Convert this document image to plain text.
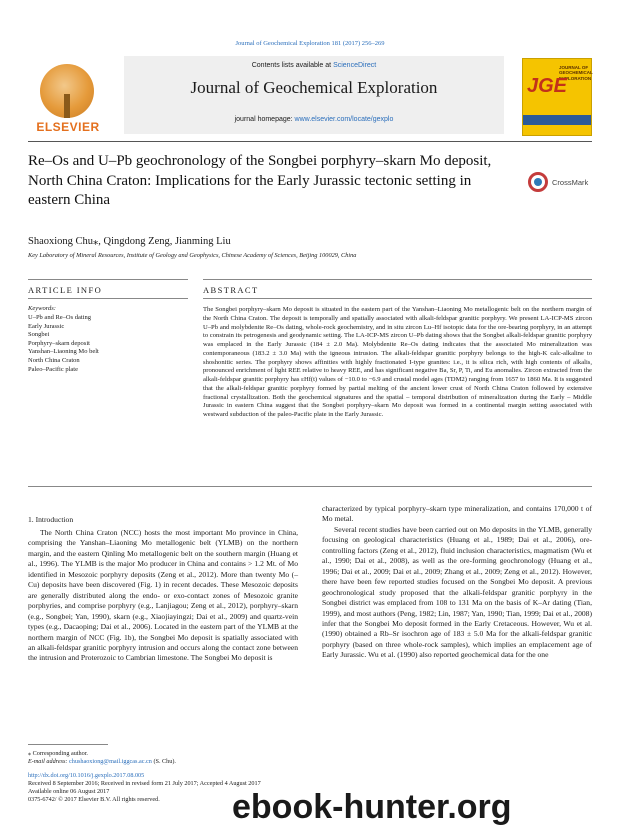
Journal of Geochemical Exploration 181 (2017) 256–269
ELSEVIER
Contents lists available at ScienceDirect
Journal of Geochemical Exploration
journal homepage: www.elsevier.com/locate/gexplo
JOURNAL OF GEOCHEMICAL EXPLORATION
JGE
Re–Os and U–Pb geochronology of the Songbei porphyry–skarn Mo deposit, North China Craton: Implications for the Early Jurassic tectonic setting in eastern China
CrossMark
Shaoxiong Chu⁎, Qingdong Zeng, Jianming Liu
Key Laboratory of Mineral Resources, Institute of Geology and Geophysics, Chinese Academy of Sciences, Beijing 100029, China
ARTICLE INFO	ABSTRACT
Keywords:
U–Pb and Re–Os dating
Early Jurassic
Songbei
Porphyry–skarn deposit
Yanshan–Liaoning Mo belt
North China Craton
Paleo–Pacific plate
The Songbei porphyry–skarn Mo deposit is situated in the eastern part of the Yanshan–Liaoning Mo metallogenic belt on the northern margin of the North China Craton. The deposit is temporally and spatially associated with alkali-feldspar granitic porphyry. We present LA-ICP-MS zircon U–Pb and molybdenite Re–Os dating, whole-rock geochemistry, and in situ zircon Lu–Hf isotopic data for the ore-bearing porphyry, in an attempt to constrain its petrogenesis and geodynamic setting. The LA-ICP-MS zircon U–Pb dating shows that the Songbei alkali-feldspar granitic porphyry was emplaced in the Early Jurassic (184 ± 2.0 Ma). Molybdenite Re–Os dating indicates that the associated Mo mineralization was contemporaneous (183.2 ± 3.0 Ma) with the igneous intrusion. The alkali-feldspar granitic porphyry belongs to the high-K calc-alkaline to shoshonitic series. The porphyry shows affinities with highly fractionated I-type granites: i.e., it is silica rich, with high contents of alkalis, pronounced enrichment of light REE relative to heavy REE, and has significant negative Ba, Sr, P, Ti, and Eu anomalies. Zircon extracted from the alkali-feldspar granitic porphyry has εHf(t) values of −10.0 to −6.9 and crustal model ages (TDM2) ranging from 1657 to 1860 Ma. It is suggested that the alkali-feldspar granitic porphyry formed by partial melting of the ancient lower crust of North China Craton followed by extensive fractional crystallization. Both the geochemical signatures and the spatial – temporal distribution of mineralization during the Early – Middle Jurassic in eastern China suggest that the Songbei porphyry–skarn Mo deposit was formed in a continental margin setting associated with westward subduction of the paleo-Pacific plate in the Early Jurassic.
1. Introduction

The North China Craton (NCC) hosts the most important Mo province in China, comprising the Yanshan–Liaoning Mo metallogenic belt (YLMB) on the northern margin, and the eastern Qinling Mo metallogenic belt on the southern margin (Huang et al., 1996). The YLMB is the major Mo producer in China and contains > 1.2 Mt. of Mo identified in Mesozoic porphyry deposits (Zeng et al., 2012). More than twenty Mo (–Cu) deposits have been discovered (Fig. 1) in recent decades. These Mesozoic deposits are generally distributed along the endo- or exo-contact zones of Mesozoic granite porphyries, and comprise porphyry (e.g., Lanjiagou; Zeng et al., 2012), porphyry–skarn (e.g., Songbei; Yan, 1990), skarn (e.g., Xiaojiayingzi; Dai et al., 2009) and quartz-vein types (e.g., Dacaoping; Dai et al., 2006). Located in the eastern part of the YLMB at the northern margin of NCC (Fig. 1b), the Songbei Mo deposit is spatially associated with an alkali-feldspar granitic porphyry intrusion and occurs along the contact zone between the intrusion and Proterozoic to Cambrian limestone. The Songbei Mo deposit is

characterized by typical porphyry–skarn type mineralization, and contains 170,000 t of Mo metal.

Several recent studies have been carried out on Mo deposits in the YLMB, generally focusing on geological characteristics (Huang et al., 1989; Dai et al., 2006), ore-controlling factors (Zeng et al., 2012), fluid inclusion characteristics, magmatism (Wu et al., 1990; Dai et al., 2008), as well as the ore-forming geochronology (Huang et al., 1996; Dai et al., 2009; Dai et al., 2009; Zhang et al., 2009; Zeng et al., 2012). However, there have been few reported studies focused on the Songbei Mo deposit. A previous geochronological study proposed that the alkali-feldspar granitic porphyry in the Songbei district was emplaced from 108 to 131 Ma on the basis of K–Ar dating (Tian, 1999), and most authors (Peng, 1982; Lin, 1987; Yan, 1990; Tian, 1999; Dai et al., 2008) infer that the Songbei Mo deposit formed in the Early Cretaceous. However, Wu et al. (1990) obtained a Rb–Sr isochron age of 183 ± 5.0 Ma for the alkali-feldspar granitic porphyry (based on three whole-rock samples), which implies an emplacement age of Early Jurassic. Wu et al. (1990) also reported geochemical data for the one

⁎ Corresponding author.
E-mail address: chushaoxiong@mail.iggcas.ac.cn (S. Chu).
http://dx.doi.org/10.1016/j.gexplo.2017.08.005
Received 8 September 2016; Received in revised form 21 July 2017; Accepted 4 August 2017
Available online 06 August 2017
0375-6742/ © 2017 Elsevier B.V. All rights reserved.	ebook-hunter.org
